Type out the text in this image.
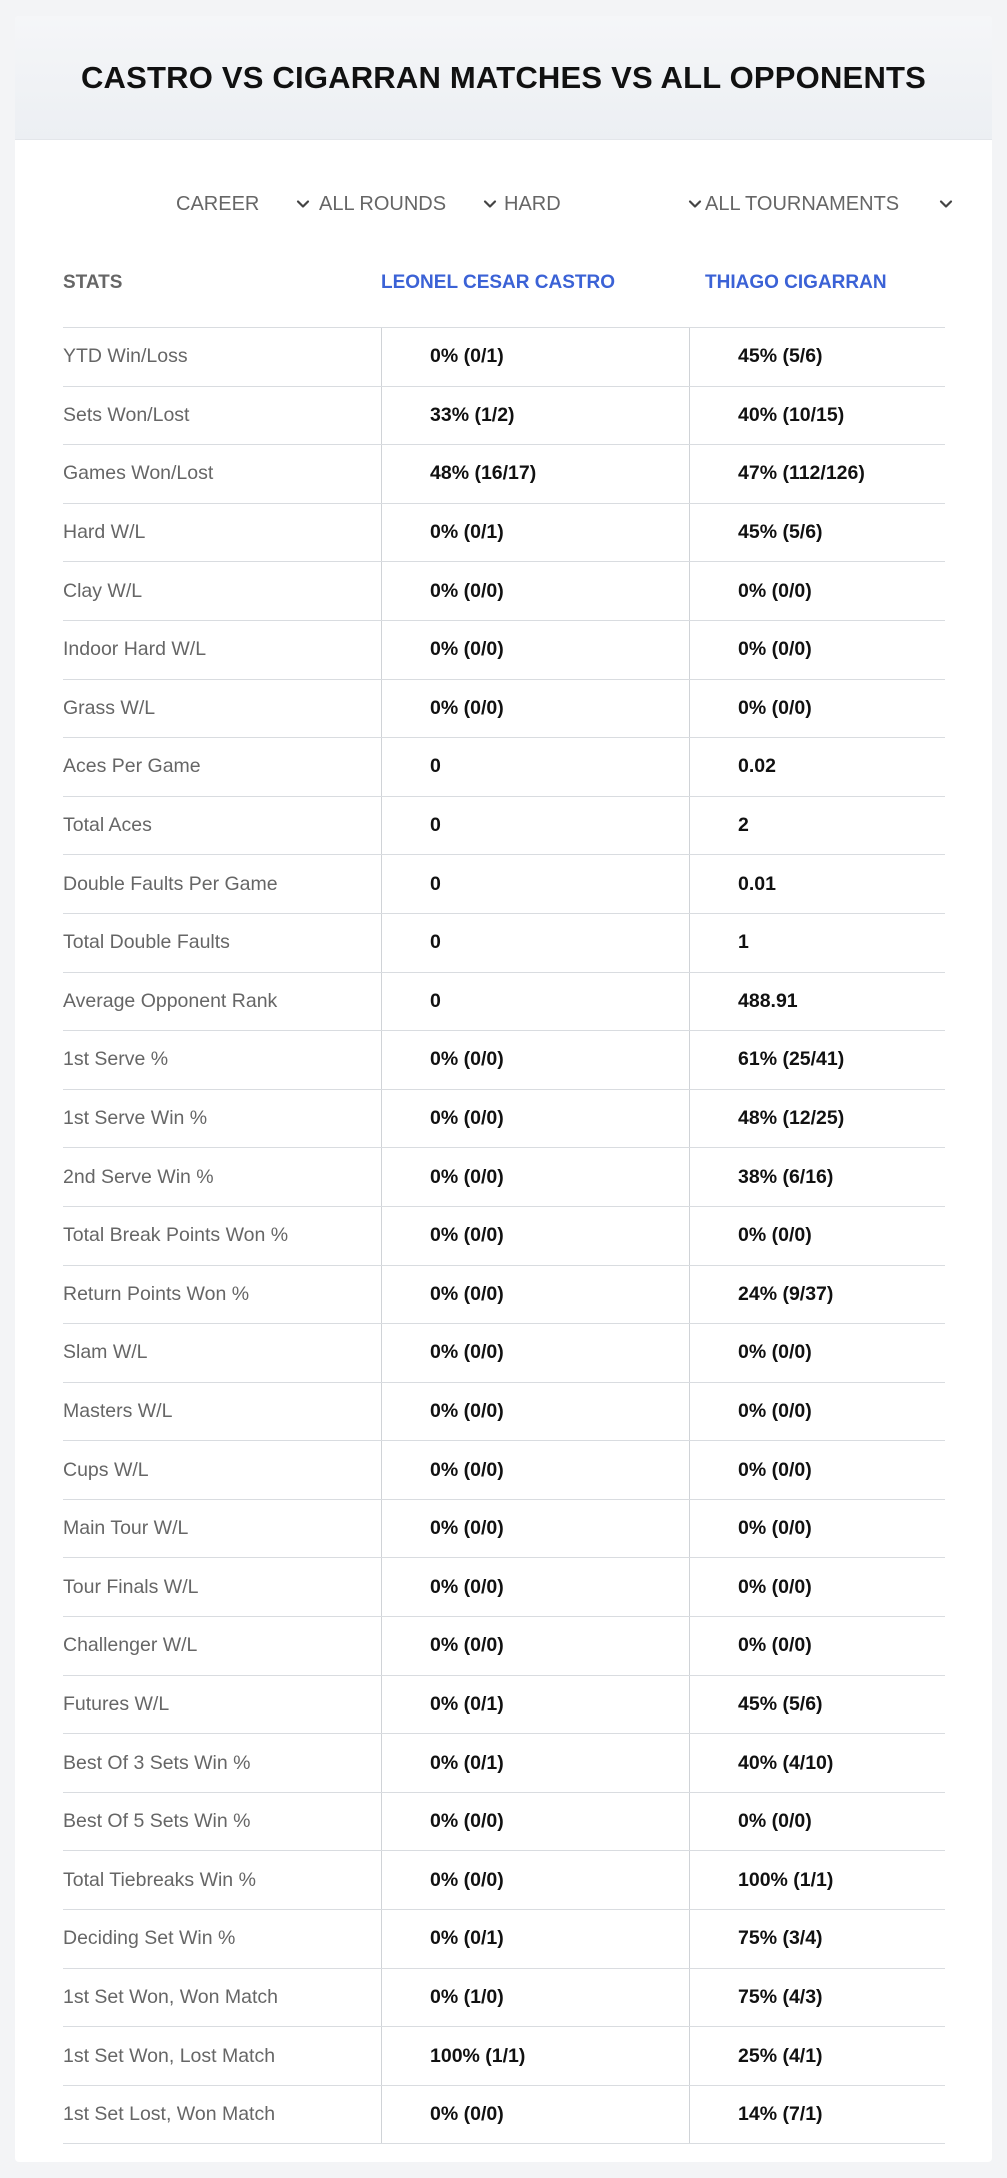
CASTRO VS CIGARRAN MATCHES VS ALL OPPONENTS
CAREER	ALL ROUNDS	HARD	ALL TOURNAMENTS
STATS	LEONEL CESAR CASTRO	THIAGO CIGARRAN
YTD Win/Loss	0% (0/1)	45% (5/6)
Sets Won/Lost	33% (1/2)	40% (10/15)
Games Won/Lost	48% (16/17)	47% (112/126)
Hard W/L	0% (0/1)	45% (5/6)
Clay W/L	0% (0/0)	0% (0/0)
Indoor Hard W/L	0% (0/0)	0% (0/0)
Grass W/L	0% (0/0)	0% (0/0)
Aces Per Game	0	0.02
Total Aces	0	2
Double Faults Per Game	0	0.01
Total Double Faults	0	1
Average Opponent Rank	0	488.91
1st Serve %	0% (0/0)	61% (25/41)
1st Serve Win %	0% (0/0)	48% (12/25)
2nd Serve Win %	0% (0/0)	38% (6/16)
Total Break Points Won %	0% (0/0)	0% (0/0)
Return Points Won %	0% (0/0)	24% (9/37)
Slam W/L	0% (0/0)	0% (0/0)
Masters W/L	0% (0/0)	0% (0/0)
Cups W/L	0% (0/0)	0% (0/0)
Main Tour W/L	0% (0/0)	0% (0/0)
Tour Finals W/L	0% (0/0)	0% (0/0)
Challenger W/L	0% (0/0)	0% (0/0)
Futures W/L	0% (0/1)	45% (5/6)
Best Of 3 Sets Win %	0% (0/1)	40% (4/10)
Best Of 5 Sets Win %	0% (0/0)	0% (0/0)
Total Tiebreaks Win %	0% (0/0)	100% (1/1)
Deciding Set Win %	0% (0/1)	75% (3/4)
1st Set Won, Won Match	0% (1/0)	75% (4/3)
1st Set Won, Lost Match	100% (1/1)	25% (4/1)
1st Set Lost, Won Match	0% (0/0)	14% (7/1)
